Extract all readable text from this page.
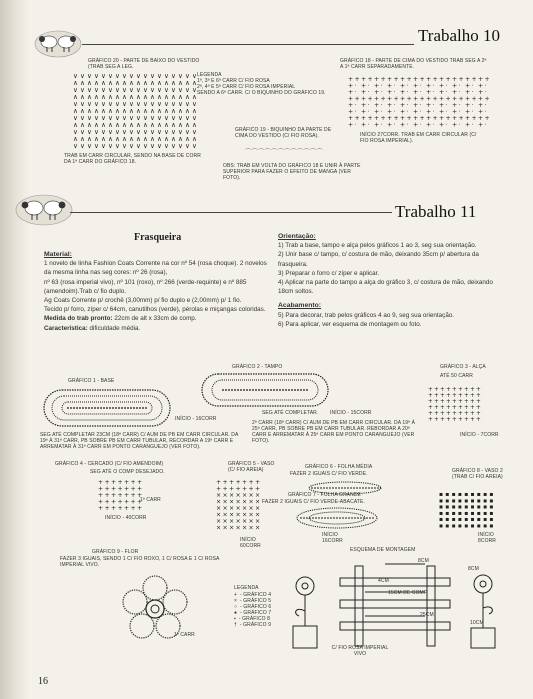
Trabalho 10
GRÁFICO 20 - PARTE DE BAIXO DO VESTIDO (TRAB SEG A LEG.
∨ ∨ ∨ ∨ ∨ ∨ ∨ ∨ ∨ ∨ ∨ ∨ ∨ ∨ ∨ ∨ ∨ ∨
∧ ∧ ∧ ∧ ∧ ∧ ∧ ∧ ∧ ∧ ∧ ∧ ∧ ∧ ∧ ∧ ∧ ∧
∨ ∨ ∨ ∨ ∨ ∨ ∨ ∨ ∨ ∨ ∨ ∨ ∨ ∨ ∨ ∨ ∨ ∨
∧ ∧ ∧ ∧ ∧ ∧ ∧ ∧ ∧ ∧ ∧ ∧ ∧ ∧ ∧ ∧ ∧ ∧
∨ ∨ ∨ ∨ ∨ ∨ ∨ ∨ ∨ ∨ ∨ ∨ ∨ ∨ ∨ ∨ ∨ ∨
∧ ∧ ∧ ∧ ∧ ∧ ∧ ∧ ∧ ∧ ∧ ∧ ∧ ∧ ∧ ∧ ∧ ∧
∨ ∨ ∨ ∨ ∨ ∨ ∨ ∨ ∨ ∨ ∨ ∨ ∨ ∨ ∨ ∨ ∨ ∨
∧ ∧ ∧ ∧ ∧ ∧ ∧ ∧ ∧ ∧ ∧ ∧ ∧ ∧ ∧ ∧ ∧ ∧
∨ ∨ ∨ ∨ ∨ ∨ ∨ ∨ ∨ ∨ ∨ ∨ ∨ ∨ ∨ ∨ ∨ ∨
∧ ∧ ∧ ∧ ∧ ∧ ∧ ∧ ∧ ∧ ∧ ∧ ∧ ∧ ∧ ∧ ∧ ∧
∨ ∨ ∨ ∨ ∨ ∨ ∨ ∨ ∨ ∨ ∨ ∨ ∨ ∨ ∨ ∨ ∨ ∨
TRAB EM CARR CIRCULAR, SENDO NA BASE DE CORR DA 1ª CARR DO GRÁFICO 18.
LEGENDA
1ª, 3ª E 6ª CARR C/ FIO ROSA
2ª, 4ª E 5ª CARR C/ FIO ROSA IMPERIAL
SENDO A 6ª CARR. C/ O BIQUINHO DO GRÁFICO 19.
GRÁFICO 18 - PARTE DE CIMA DO VESTIDO TRAB SEG A 2ª A 1ª CARR SEPARADAMENTE.
+ + + + + + + + + + + + + + + + + + + + + +
+ · + · + · + · + · + · + · + · + · + · + ·
+ · + · + · + · + · + · + · + · + · + · + ·
+ + + + + + + + + + + + + + + + + + + + + +
+ · + · + · + · + · + · + · + · + · + · + ·
+ · + · + · + · + · + · + · + · + · + · + ·
+ + + + + + + + + + + + + + + + + + + + + +
+ · + · + · + · + · + · + · + · + · + · + ·
INÍCIO 27CORR. TRAB EM CARR CIRCULAR (C/ FIO ROSA IMPERIAL).
GRÁFICO 19 - BIQUINHO DA PARTE DE CIMA DO VESTIDO (C/ FIO ROSA).
⌒ ⌒ ⌒ ⌒ ⌒ ⌒ ⌒ ⌒ ⌒ ⌒ ⌒ ⌒
OBS: TRAB EM VOLTA DO GRÁFICO 18 E UNIR À PARTE SUPERIOR PARA FAZER O EFEITO DE MANGA (VER FOTO).
Trabalho 11
Frasqueira
Material:
1 novelo de linha Fashion Coats Corrente na cor nº 54 (rosa choque). 2 novelos da mesma linha nas seg cores: nº 26 (rosa),
nº 63 (rosa imperial vivo), nº 101 (roxo), nº 266 (verde-requinte) e nº 885 (amendoim).Trab c/ fio duplo.
Ag Coats Corrente p/ crochê (3,00mm) p/ fio duplo e (2,00mm) p/ 1 fio.
Tecido p/ forro, zíper c/ 64cm, canutilhos (verde), pérolas e miçangas coloridas.
Medida do trab pronto: 22cm de alt x 33cm de comp.
Característica: dificuldade média.
Orientação:
1) Trab a base, tampo e alça pelos gráficos 1 ao 3, seg sua orientação.
2) Unir base c/ tampo, c/ costura de mão, deixando 35cm p/ abertura da frasqueira.
3) Preparar o forro c/ zíper e aplicar.
4) Aplicar na parte do tampo a alça do gráfico 3, c/ costura de mão, deixando 18cm soltos.
Acabamento:
5) Para decorar, trab pelos gráficos 4 ao 9, seg sua orientação.
6) Para aplicar, ver esquema de montagem ou foto.
GRÁFICO 1 - BASE
INÍCIO - 16CORR
SEG ATÉ COMPLETAR 23CM (18ª CARR) C/ AUM DE PB EM CARR CIRCULAR. DA 19ª À 31ª CARR, PB SOBRE PB EM CARR TUBULAR, RECORDAR A 19ª CARR E ARREMATAR À 31ª CARR EM PONTO CARANGUEJO (VER FOTO).
GRÁFICO 2 - TAMPO
SEG ATÉ COMPLETAR. INÍCIO - 15CORR
2ª CARR (18ª CARR) C/ AUM DE PB EM CARR CIRCULAR. DA 19ª À 25ª CARR, PB SOBRE PB EM CARR TUBULAR. REBORDAR A 20ª CARR E ARREMATAR À 25ª CARR EM PONTO CARANGUEJO (VER FOTO).
GRÁFICO 3 - ALÇA
ATÉ 50 CARR
+ + + + + + + + +
+ + + + + + + + +
+ + + + + + + + +
+ + + + + + + + +
+ + + + + + + + +
+ + + + + + + + +
INÍCIO - 7CORR
GRÁFICO 4 - CERCADO (C/ FIO AMENDOIM)
SEG ATÉ O COMP DESEJADO.
+ + + + + + +
+ + + + + + +
+ + + + + + +
+ + + + + + +
+ + + + + + +
1ª CARR
INÍCIO - 40CORR
GRÁFICO 5 - VASO (C/ FIO AREIA)
+ + + + + + +
+ + + + + + +
× × × × × × ×
× × × × × × ×
× × × × × × ×
× × × × × × ×
× × × × × × ×
× × × × × × ×
INÍCIO 60CORR
GRÁFICO 6 - FOLHA MÉDIA
FAZER 2 IGUAIS C/ FIO VERDE.
GRÁFICO 7 - FOLHA GRANDE
FAZER 2 IGUAIS C/ FIO VERDE-ABACATE.
INÍCIO 16CORR
GRÁFICO 8 - VASO 2 (TRAB C/ FIO AREIA)
▪ ▪ ▪ ▪ ▪ ▪ ▪ ▪ ▪
▪ ▪ ▪ ▪ ▪ ▪ ▪ ▪ ▪
▪ ▪ ▪ ▪ ▪ ▪ ▪ ▪ ▪
▪ ▪ ▪ ▪ ▪ ▪ ▪ ▪ ▪
▪ ▪ ▪ ▪ ▪ ▪ ▪ ▪ ▪
▪ ▪ ▪ ▪ ▪ ▪ ▪ ▪ ▪
INÍCIO 8CORR
GRÁFICO 9 - FLOR
FAZER 3 IGUAIS, SENDO 1 C/ FIO ROXO, 1 C/ ROSA E 1 C/ ROSA IMPERIAL VIVO.
1ª CARR
LEGENDA
+ - GRÁFICO 4
× - GRÁFICO 5
○ - GRÁFICO 6
● - GRÁFICO 7
▪ - GRÁFICO 8
† - GRÁFICO 9
ESQUEMA DE MONTAGEM
8CM
4CM
15CM DE COMP
25CM
8CM
10CM
C/ FIO ROSA IMPERIAL VIVO
16
